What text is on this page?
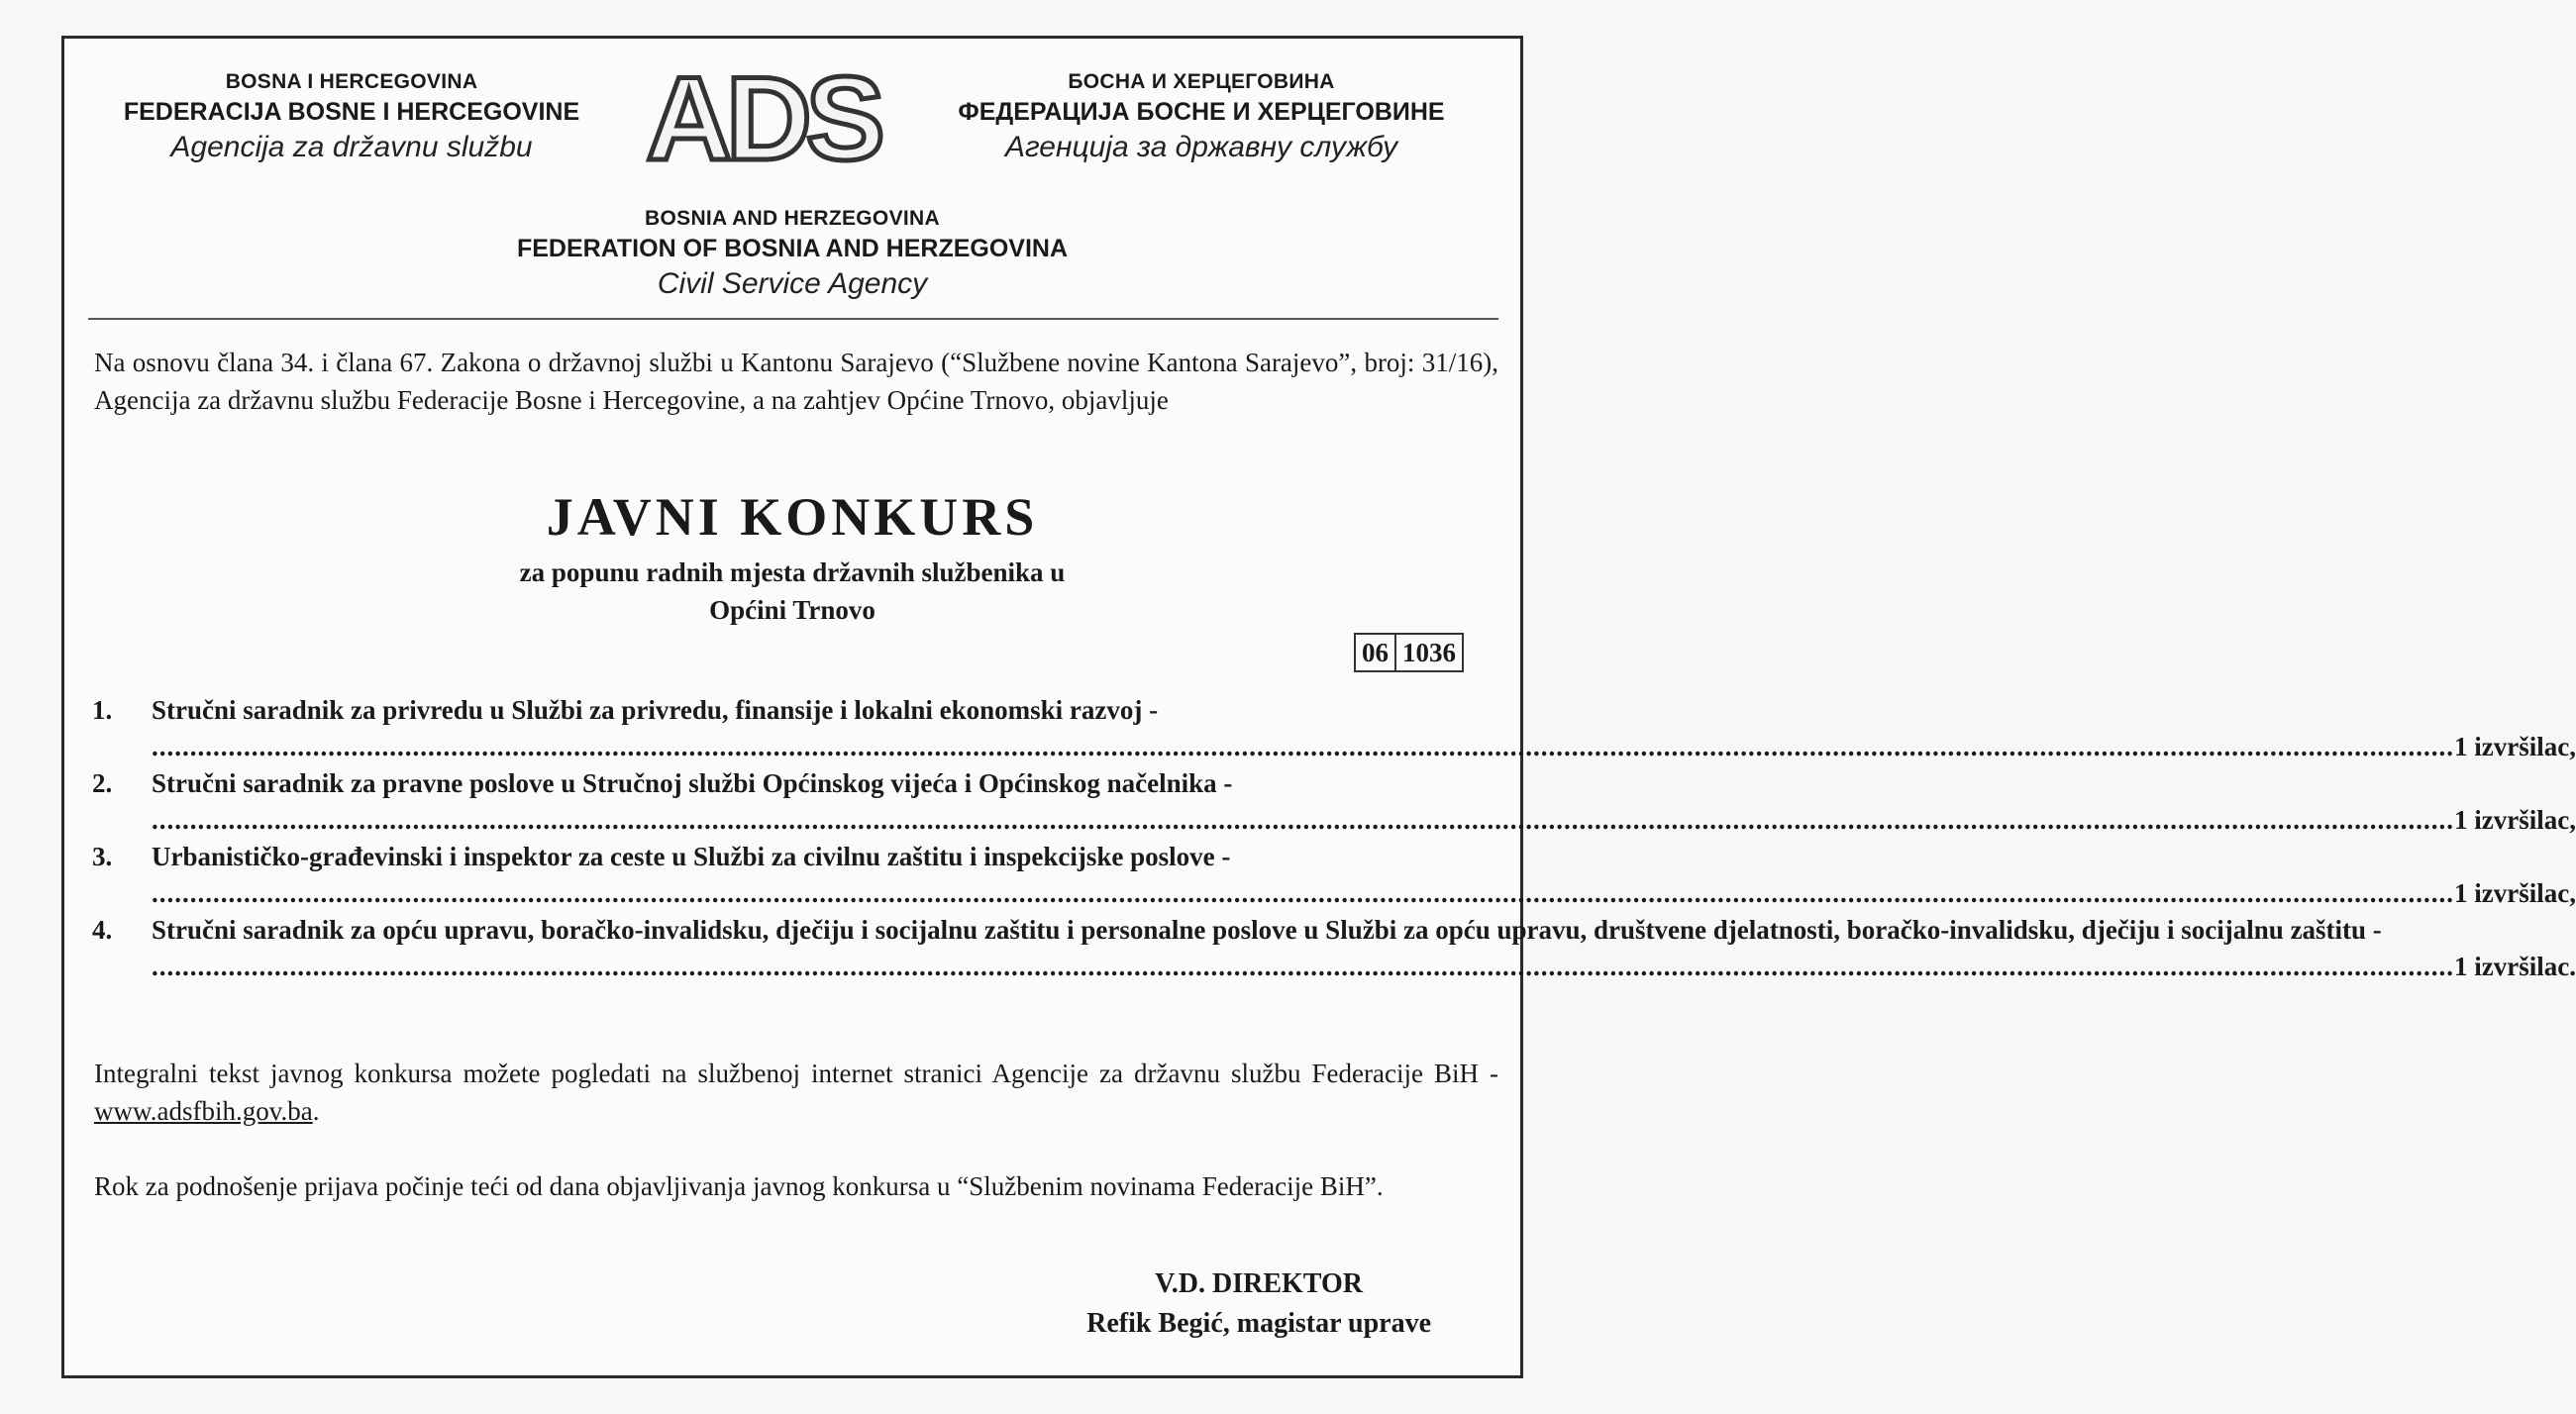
BOSNA I HERCEGOVINA

FEDERACIJA BOSNE I HERCEGOVINE

Agencija za državnu službu ADS	БОСНА И ХЕРЦЕГОВИНА

ФЕДЕРАЦИЈА БОСНЕ И ХЕРЦЕГОВИНЕ

Агенција за државну службу

BOSNIA AND HERZEGOVINA

FEDERATION OF BOSNIA AND HERZEGOVINA

Civil Service Agency

Na osnovu člana 34. i člana 67. Zakona o državnoj službi u Kantonu Sarajevo (“Službene novine Kantona Sarajevo”, broj: 31/16), Agencija za državnu službu Federacije Bosne i Hercegovine, a na zahtjev Općine Trnovo, objavljuje
JAVNI KONKURS
za popunu radnih mjesta državnih službenika u
Općini Trnovo
06 1036
1.	Stručni saradnik za privredu u Službi za privredu, finansije i lokalni ekonomski razvoj -
.....
1 izvršilac,
2.	Stručni saradnik za pravne poslove u Stručnoj službi Općinskog vijeća i Općinskog načelnika -
.....
1 izvršilac,
3.	Urbanističko-građevinski i inspektor za ceste u Službi za civilnu zaštitu i inspekcijske poslove -
.....
1 izvršilac,
4.	Stručni saradnik za opću upravu, boračko-invalidsku, dječiju i socijalnu zaštitu i personalne poslove u Službi za opću upravu, društvene djelatnosti, boračko-invalidsku, dječiju i socijalnu zaštitu -
.....
1 izvršilac.
Integralni tekst javnog konkursa možete pogledati na službenoj internet stranici Agencije za državnu službu Federacije BiH - www.adsfbih.gov.ba.
Rok za podnošenje prijava počinje teći od dana objavljivanja javnog konkursa u “Službenim novinama Federacije BiH”.
V.D. DIREKTOR
Refik Begić, magistar uprave
